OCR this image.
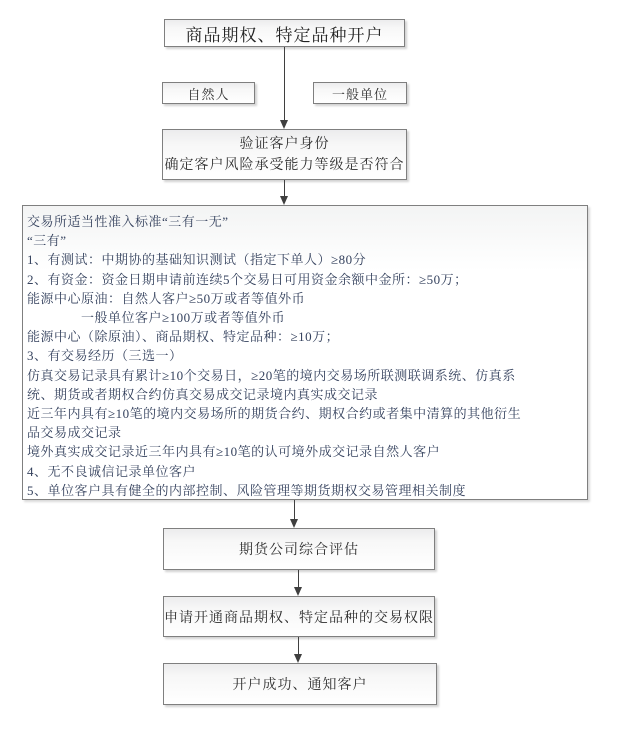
商品期权、特定品种开户
自然人	一般单位
验证客户身份
确定客户风险承受能力等级是否符合
交易所适当性准入标准“三有一无”
“三有”
1、有测试：中期协的基础知识测试（指定下单人）≥80分
2、有资金：资金日期申请前连续5个交易日可用资金余额中金所：≥50万；
能源中心原油：自然人客户≥50万或者等值外币
　　　　一般单位客户≥100万或者等值外币
能源中心（除原油）、商品期权、特定品种：≥10万；
3、有交易经历（三选一）
仿真交易记录具有累计≥10个交易日，≥20笔的境内交易场所联测联调系统、仿真系
统、期货或者期权合约仿真交易成交记录境内真实成交记录
近三年内具有≥10笔的境内交易场所的期货合约、期权合约或者集中清算的其他衍生
品交易成交记录
境外真实成交记录近三年内具有≥10笔的认可境外成交记录自然人客户
4、无不良诚信记录单位客户
5、单位客户具有健全的内部控制、风险管理等期货期权交易管理相关制度
期货公司综合评估
申请开通商品期权、特定品种的交易权限
开户成功、通知客户
